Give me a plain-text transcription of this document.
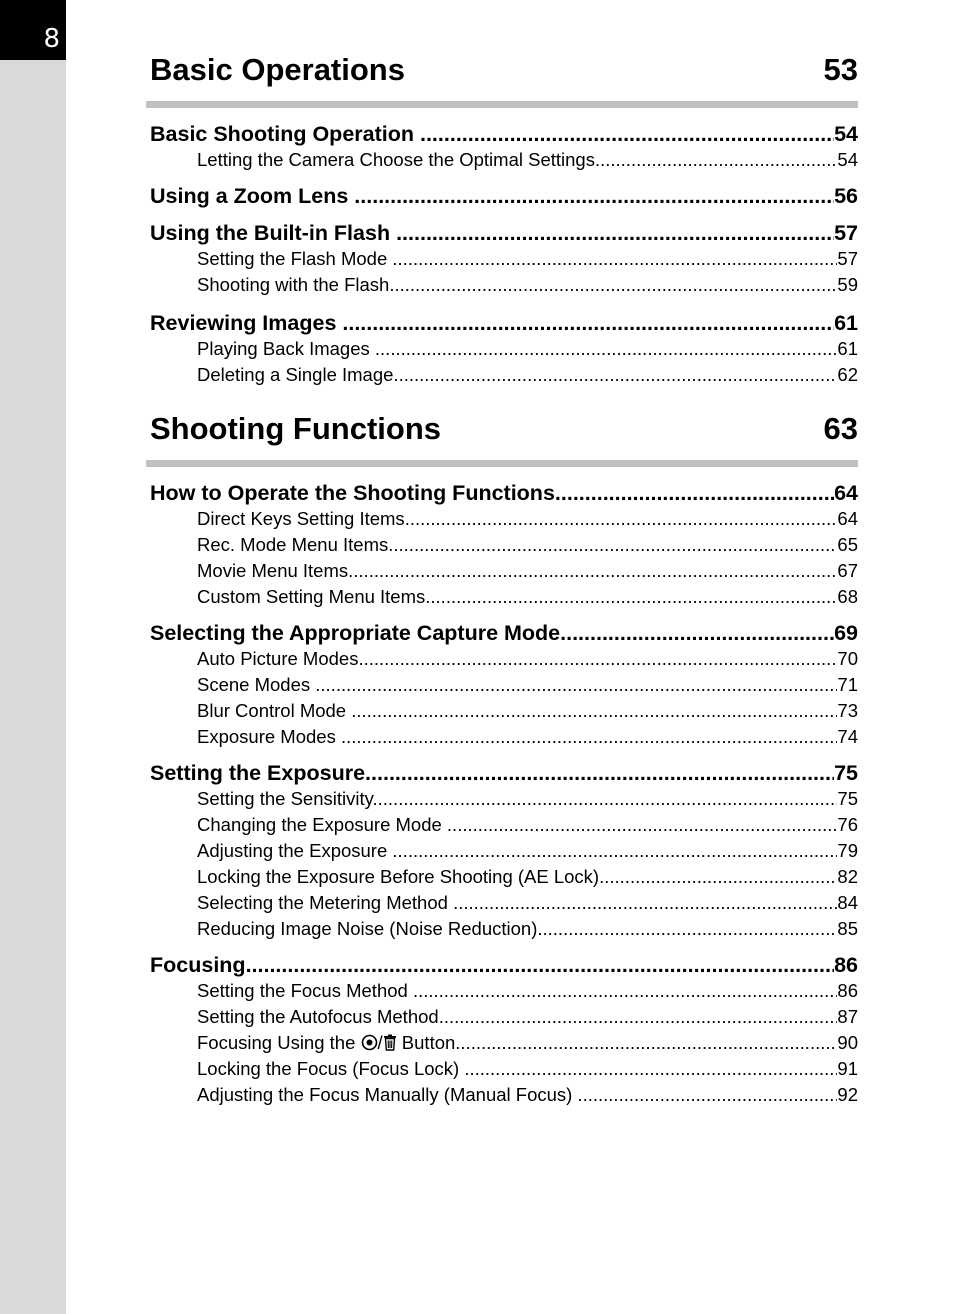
8
Basic Operations	53
Basic Shooting Operation .....	54
Letting the Camera Choose the Optimal Settings .....	54
Using a Zoom Lens .....	56
Using the Built-in Flash .....	57
Setting the Flash Mode .....	57
Shooting with the Flash .....	59
Reviewing Images .....	61
Playing Back Images .....	61
Deleting a Single Image .....	62
Shooting Functions	63
How to Operate the Shooting Functions .....	64
Direct Keys Setting Items .....	64
Rec. Mode Menu Items .....	65
Movie Menu Items .....	67
Custom Setting Menu Items .....	68
Selecting the Appropriate Capture Mode .....	69
Auto Picture Modes .....	70
Scene Modes .....	71
Blur Control Mode .....	73
Exposure Modes .....	74
Setting the Exposure .....	75
Setting the Sensitivity .....	75
Changing the Exposure Mode .....	76
Adjusting the Exposure .....	79
Locking the Exposure Before Shooting (AE Lock) .....	82
Selecting the Metering Method .....	84
Reducing Image Noise (Noise Reduction) .....	85
Focusing .....	86
Setting the Focus Method .....	86
Setting the Autofocus Method .....	87
Focusing Using the / Button .....	90
Locking the Focus (Focus Lock) .....	91
Adjusting the Focus Manually (Manual Focus) .....	92
